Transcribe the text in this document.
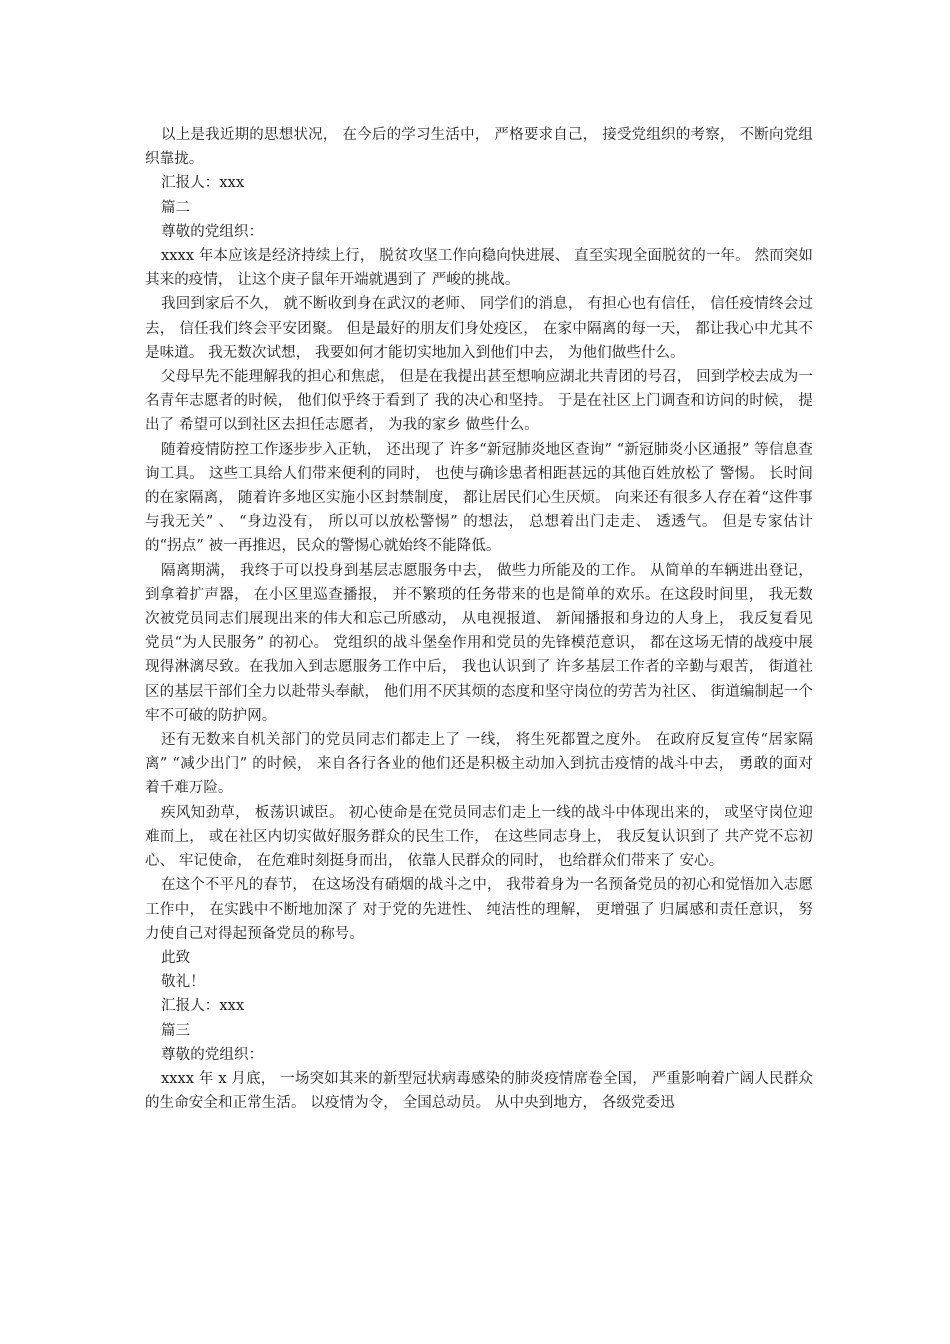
以上是我近期的思想状况， 在今后的学习生活中， 严格要求自己， 接受党组织的考察， 不断向党组织靠拢。

汇报人：xxx

篇二

尊敬的党组织：

xxxx 年本应该是经济持续上行， 脱贫攻坚工作向稳向快进展、 直至实现全面脱贫的一年。 然而突如其来的疫情， 让这个庚子鼠年开端就遇到了 严峻的挑战。

我回到家后不久， 就不断收到身在武汉的老师、 同学们的消息， 有担心也有信任， 信任疫情终会过去， 信任我们终会平安团聚。 但是最好的朋友们身处疫区， 在家中隔离的每一天， 都让我心中尤其不是味道。 我无数次试想， 我要如何才能切实地加入到他们中去， 为他们做些什么。

父母早先不能理解我的担心和焦虑， 但是在我提出甚至想响应湖北共青团的号召， 回到学校去成为一名青年志愿者的时候， 他们似乎终于看到了 我的决心和坚持。 于是在社区上门调查和访问的时候， 提出了 希望可以到社区去担任志愿者， 为我的家乡 做些什么。

随着疫情防控工作逐步步入正轨， 还出现了 许多“新冠肺炎地区查询” “新冠肺炎小区通报” 等信息查询工具。 这些工具给人们带来便利的同时， 也使与确诊患者相距甚远的其他百姓放松了 警惕。 长时间的在家隔离， 随着许多地区实施小区封禁制度， 都让居民们心生厌烦。 向来还有很多人存在着“这件事与我无关” 、 “身边没有， 所以可以放松警惕” 的想法， 总想着出门走走、 透透气。 但是专家估计的“拐点” 被一再推迟，民众的警惕心就始终不能降低。

隔离期满， 我终于可以投身到基层志愿服务中去， 做些力所能及的工作。 从简单的车辆进出登记， 到拿着扩声器， 在小区里巡查播报， 并不繁琐的任务带来的也是简单的欢乐。在这段时间里， 我无数次被党员同志们展现出来的伟大和忘己所感动， 从电视报道、 新闻播报和身边的人身上， 我反复看见党员“为人民服务” 的初心。 党组织的战斗堡垒作用和党员的先锋模范意识， 都在这场无情的战疫中展现得淋漓尽致。在我加入到志愿服务工作中后， 我也认识到了 许多基层工作者的辛勤与艰苦， 街道社区的基层干部们全力以赴带头奉献， 他们用不厌其烦的态度和坚守岗位的劳苦为社区、 街道编制起一个牢不可破的防护网。

还有无数来自机关部门的党员同志们都走上了 一线， 将生死都置之度外。 在政府反复宣传“居家隔离” “减少出门” 的时候， 来自各行各业的他们还是积极主动加入到抗击疫情的战斗中去， 勇敢的面对着千难万险。

疾风知劲草， 板荡识诚臣。 初心使命是在党员同志们走上一线的战斗中体现出来的， 或坚守岗位迎难而上， 或在社区内切实做好服务群众的民生工作， 在这些同志身上， 我反复认识到了 共产党不忘初心、 牢记使命， 在危难时刻挺身而出， 依靠人民群众的同时， 也给群众们带来了 安心。

在这个不平凡的春节， 在这场没有硝烟的战斗之中， 我带着身为一名预备党员的初心和觉悟加入志愿工作中， 在实践中不断地加深了 对于党的先进性、 纯洁性的理解， 更增强了 归属感和责任意识， 努力使自己对得起预备党员的称号。

此致

敬礼！

汇报人：xxx

篇三

尊敬的党组织：

xxxx 年 x 月底， 一场突如其来的新型冠状病毒感染的肺炎疫情席卷全国， 严重影响着广阔人民群众的生命安全和正常生活。 以疫情为令， 全国总动员。 从中央到地方， 各级党委迅
